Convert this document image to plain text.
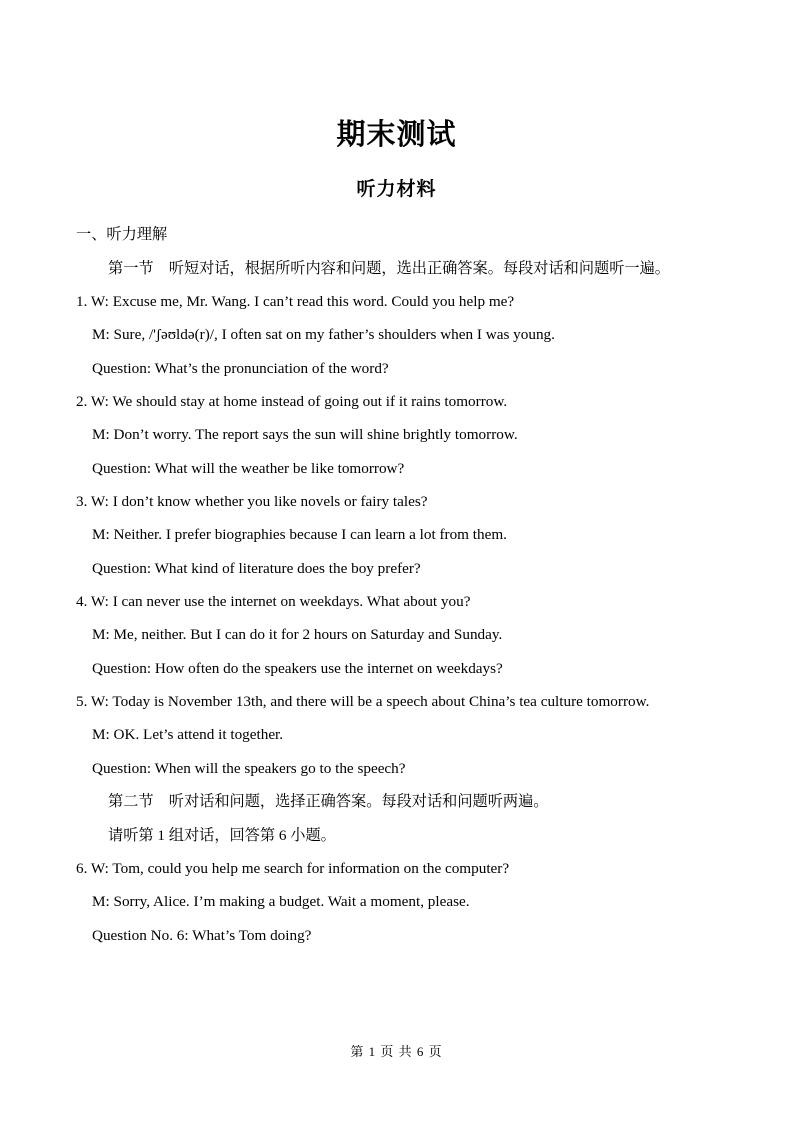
期末测试
听力材料
一、听力理解
第一节　听短对话，根据所听内容和问题，选出正确答案。每段对话和问题听一遍。
1. W: Excuse me, Mr. Wang. I can’t read this word. Could you help me?
M: Sure, /'ʃəʊldə(r)/, I often sat on my father’s shoulders when I was young.
Question: What’s the pronunciation of the word?
2. W: We should stay at home instead of going out if it rains tomorrow.
M: Don’t worry. The report says the sun will shine brightly tomorrow.
Question: What will the weather be like tomorrow?
3. W: I don’t know whether you like novels or fairy tales?
M: Neither. I prefer biographies because I can learn a lot from them.
Question: What kind of literature does the boy prefer?
4. W: I can never use the internet on weekdays. What about you?
M: Me, neither. But I can do it for 2 hours on Saturday and Sunday.
Question: How often do the speakers use the internet on weekdays?
5. W: Today is November 13th, and there will be a speech about China’s tea culture tomorrow.
M: OK. Let’s attend it together.
Question: When will the speakers go to the speech?
第二节　听对话和问题，选择正确答案。每段对话和问题听两遍。
请听第 1 组对话，回答第 6 小题。
6. W: Tom, could you help me search for information on the computer?
M: Sorry, Alice. I’m making a budget. Wait a moment, please.
Question No. 6: What’s Tom doing?
第 1 页 共 6 页
